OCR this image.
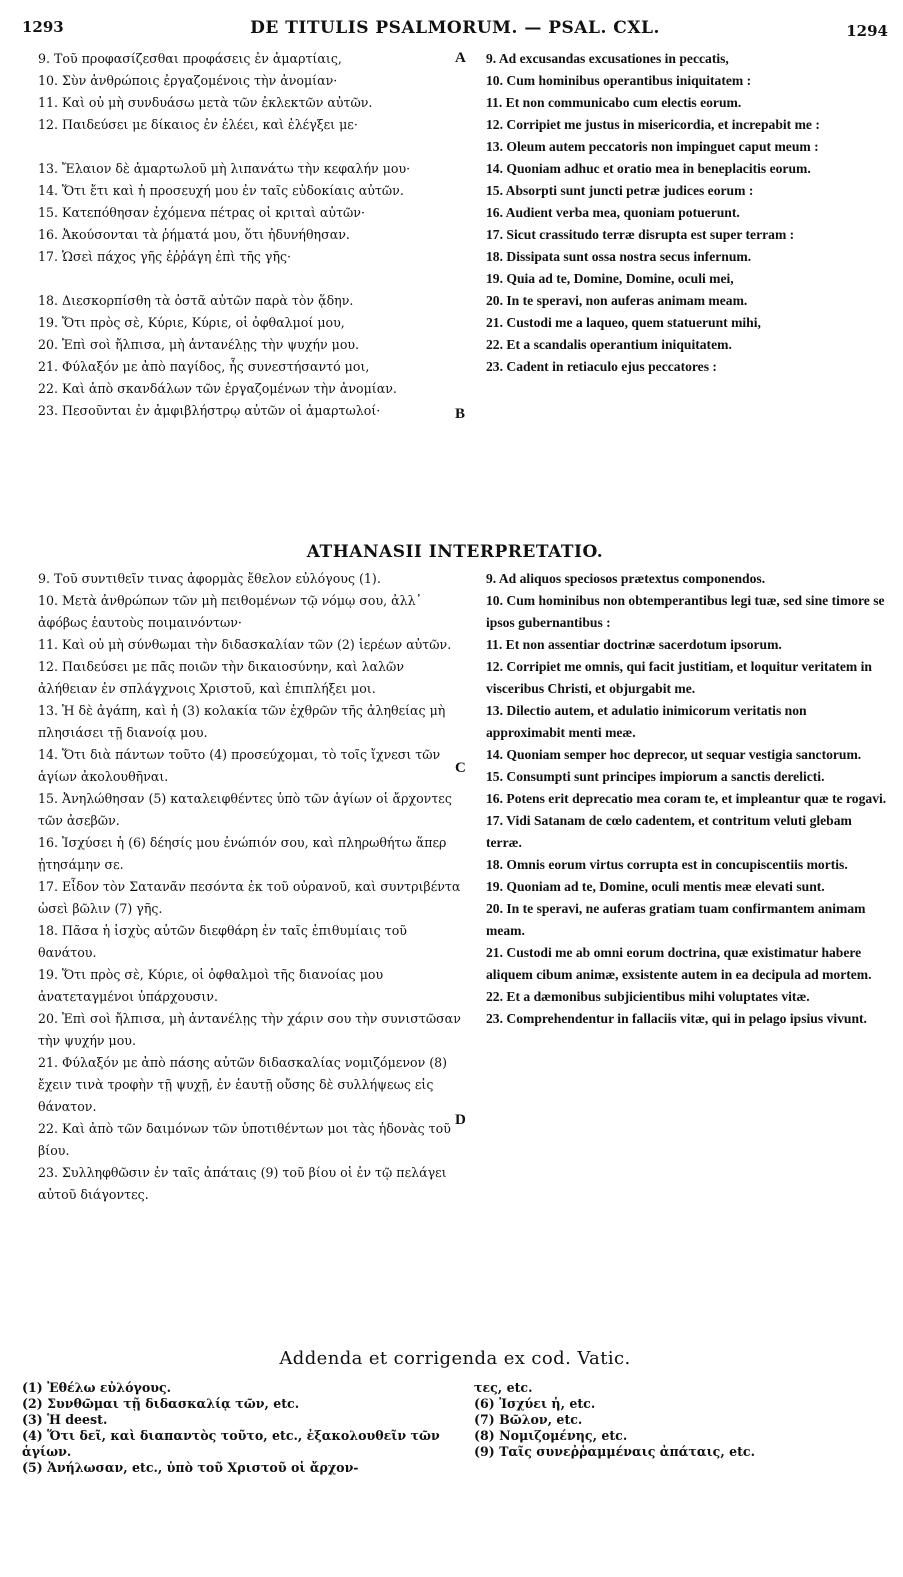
1293	DE TITULIS PSALMORUM. — PSAL. CXL.	1294

9. Τοῦ προφασίζεσθαι προφάσεις ἐν ἁμαρτίαις,

10. Σὺν ἀνθρώποις ἐργαζομένοις τὴν ἀνομίαν·

11. Καὶ οὐ μὴ συνδυάσω μετὰ τῶν ἐκλεκτῶν αὐτῶν.

12. Παιδεύσει με δίκαιος ἐν ἐλέει, καὶ ἐλέγξει με·

13. Ἔλαιον δὲ ἁμαρτωλοῦ μὴ λιπανάτω τὴν κεφαλήν μου·

14. Ὅτι ἔτι καὶ ἡ προσευχή μου ἐν ταῖς εὐδοκίαις αὐτῶν.

15. Κατεπόθησαν ἐχόμενα πέτρας οἱ κριταὶ αὐτῶν·

16. Ἀκούσονται τὰ ῥήματά μου, ὅτι ἠδυνήθησαν.

17. Ὡσεὶ πάχος γῆς ἐῤῥάγη ἐπὶ τῆς γῆς·

18. Διεσκορπίσθη τὰ ὀστᾶ αὐτῶν παρὰ τὸν ᾅδην.

19. Ὅτι πρὸς σὲ, Κύριε, Κύριε, οἱ ὀφθαλμοί μου,

20. Ἐπὶ σοὶ ἤλπισα, μὴ ἀντανέλῃς τὴν ψυχήν μου.

21. Φύλαξόν με ἀπὸ παγίδος, ἧς συνεστήσαντό μοι,

22. Καὶ ἀπὸ σκανδάλων τῶν ἐργαζομένων τὴν ἀνομίαν.

23. Πεσοῦνται ἐν ἀμφιβλήστρῳ αὐτῶν οἱ ἁμαρτωλοί·

9. Ad excusandas excusationes in peccatis,

10. Cum hominibus operantibus iniquitatem :

11. Et non communicabo cum electis eorum.

12. Corripiet me justus in misericordia, et increpabit me :

13. Oleum autem peccatoris non impinguet caput meum :

14. Quoniam adhuc et oratio mea in beneplacitis eorum.

15. Absorpti sunt juncti petræ judices eorum :

16. Audient verba mea, quoniam potuerunt.

17. Sicut crassitudo terræ disrupta est super terram :

18. Dissipata sunt ossa nostra secus infernum.

19. Quia ad te, Domine, Domine, oculi mei,

20. In te speravi, non auferas animam meam.

21. Custodi me a laqueo, quem statuerunt mihi,

22. Et a scandalis operantium iniquitatem.

23. Cadent in retiaculo ejus peccatores :

A
B
ATHANASII INTERPRETATIO.

9. Τοῦ συντιθεῖν τινας ἀφορμὰς ἔθελον εὐλόγους (1).

10. Μετὰ ἀνθρώπων τῶν μὴ πειθομένων τῷ νόμῳ σου, ἀλλ᾽ ἀφόβως ἑαυτοὺς ποιμαινόντων·

11. Καὶ οὐ μὴ σύνθωμαι τὴν διδασκαλίαν τῶν (2) ἱερέων αὐτῶν.

12. Παιδεύσει με πᾶς ποιῶν τὴν δικαιοσύνην, καὶ λαλῶν ἀλήθειαν ἐν σπλάγχνοις Χριστοῦ, καὶ ἐπιπλήξει μοι.

13. Ἡ δὲ ἀγάπη, καὶ ἡ (3) κολακία τῶν ἐχθρῶν τῆς ἀληθείας μὴ πλησιάσει τῇ διανοίᾳ μου.

14. Ὅτι διὰ πάντων τοῦτο (4) προσεύχομαι, τὸ τοῖς ἴχνεσι τῶν ἁγίων ἀκολουθῆναι.

15. Ἀνηλώθησαν (5) καταλειφθέντες ὑπὸ τῶν ἁγίων οἱ ἄρχοντες τῶν ἀσεβῶν.

16. Ἰσχύσει ἡ (6) δέησίς μου ἐνώπιόν σου, καὶ πληρωθήτω ἅπερ ᾐτησάμην σε.

17. Εἶδον τὸν Σατανᾶν πεσόντα ἐκ τοῦ οὐρανοῦ, καὶ συντριβέντα ὡσεὶ βῶλιν (7) γῆς.

18. Πᾶσα ἡ ἰσχὺς αὐτῶν διεφθάρη ἐν ταῖς ἐπιθυμίαις τοῦ θανάτου.

19. Ὅτι πρὸς σὲ, Κύριε, οἱ ὀφθαλμοὶ τῆς διανοίας μου ἀνατεταγμένοι ὑπάρχουσιν.

20. Ἐπὶ σοὶ ἤλπισα, μὴ ἀντανέλῃς τὴν χάριν σου τὴν συνιστῶσαν τὴν ψυχήν μου.

21. Φύλαξόν με ἀπὸ πάσης αὐτῶν διδασκαλίας νομιζόμενον (8) ἔχειν τινὰ τροφὴν τῇ ψυχῇ, ἐν ἑαυτῇ οὔσης δὲ συλλήψεως εἰς θάνατον.

22. Καὶ ἀπὸ τῶν δαιμόνων τῶν ὑποτιθέντων μοι τὰς ἡδονὰς τοῦ βίου.

23. Συλληφθῶσιν ἐν ταῖς ἀπάταις (9) τοῦ βίου οἱ ἐν τῷ πελάγει αὐτοῦ διάγοντες.

9. Ad aliquos speciosos prætextus componendos.

10. Cum hominibus non obtemperantibus legi tuæ, sed sine timore se ipsos gubernantibus :

11. Et non assentiar doctrinæ sacerdotum ipsorum.

12. Corripiet me omnis, qui facit justitiam, et loquitur veritatem in visceribus Christi, et objurgabit me.

13. Dilectio autem, et adulatio inimicorum veritatis non approximabit menti meæ.

14. Quoniam semper hoc deprecor, ut sequar vestigia sanctorum.

15. Consumpti sunt principes impiorum a sanctis derelicti.

16. Potens erit deprecatio mea coram te, et impleantur quæ te rogavi.

17. Vidi Satanam de cœlo cadentem, et contritum veluti glebam terræ.

18. Omnis eorum virtus corrupta est in concupiscentiis mortis.

19. Quoniam ad te, Domine, oculi mentis meæ elevati sunt.

20. In te speravi, ne auferas gratiam tuam confirmantem animam meam.

21. Custodi me ab omni eorum doctrina, quæ existimatur habere aliquem cibum animæ, exsistente autem in ea decipula ad mortem.

22. Et a dæmonibus subjicientibus mihi voluptates vitæ.

23. Comprehendentur in fallaciis vitæ, qui in pelago ipsius vivunt.

C
D
Addenda et corrigenda ex cod. Vatic.

(1) Ἐθέλω εὐλόγους.

(2) Συνθῶμαι τῇ διδασκαλίᾳ τῶν, etc.

(3) Ἡ deest.

(4) Ὅτι δεῖ, καὶ διαπαντὸς τοῦτο, etc., ἐξακολουθεῖν τῶν ἁγίων.

(5) Ἀνήλωσαν, etc., ὑπὸ τοῦ Χριστοῦ οἱ ἄρχον-

τες, etc.

(6) Ἰσχύει ἡ, etc.

(7) Βῶλον, etc.

(8) Νομιζομένης, etc.

(9) Ταῖς συνεῤῥαμμέναις ἀπάταις, etc.
